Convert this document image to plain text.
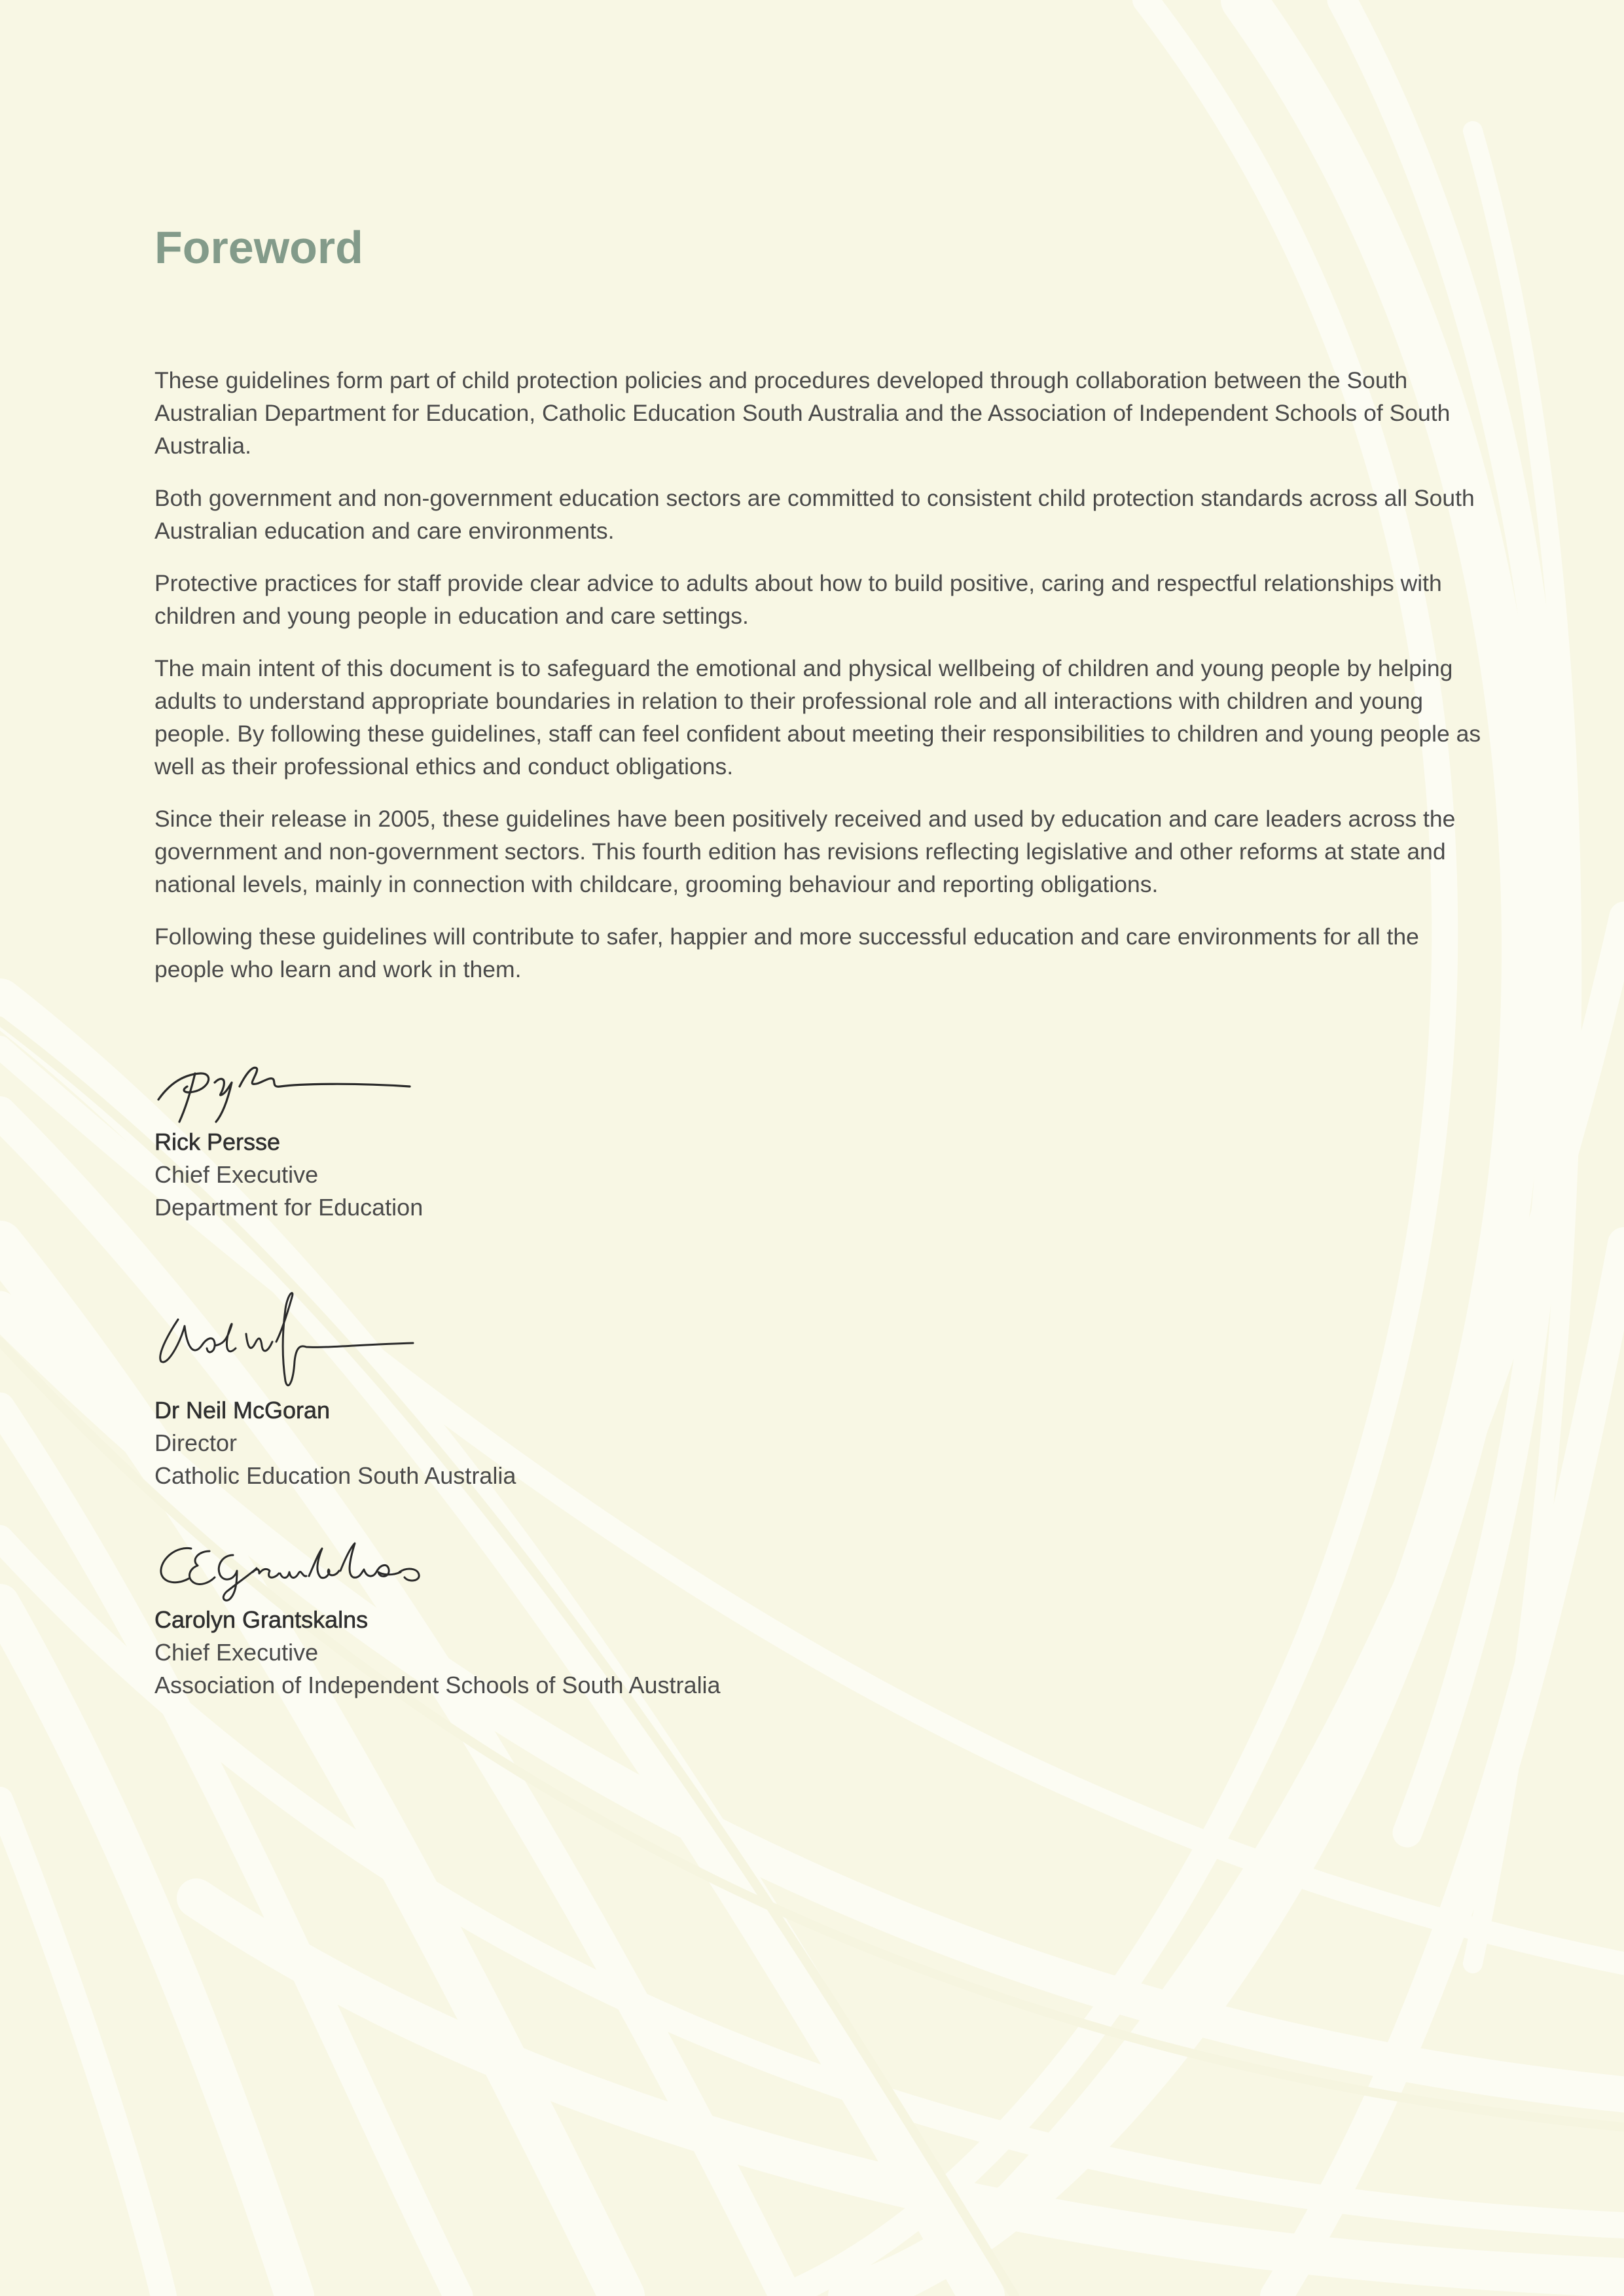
Foreword

These guidelines form part of child protection policies and procedures developed through collaboration between the South Australian Department for Education, Catholic Education South Australia and the Association of Independent Schools of South Australia.

Both government and non-government education sectors are committed to consistent child protection standards across all South Australian education and care environments.

Protective practices for staff provide clear advice to adults about how to build positive, caring and respectful relationships with children and young people in education and care settings.

The main intent of this document is to safeguard the emotional and physical wellbeing of children and young people by helping adults to understand appropriate boundaries in relation to their professional role and all interactions with children and young people. By following these guidelines, staff can feel confident about meeting their responsibilities to children and young people as well as their professional ethics and conduct obligations.

Since their release in 2005, these guidelines have been positively received and used by education and care leaders across the government and non-government sectors. This fourth edition has revisions reflecting legislative and other reforms at state and national levels, mainly in connection with childcare, grooming behaviour and reporting obligations.

Following these guidelines will contribute to safer, happier and more successful education and care environments for all the people who learn and work in them.

Rick Persse
Chief Executive
Department for Education
Dr Neil McGoran
Director
Catholic Education South Australia
Carolyn Grantskalns
Chief Executive
Association of Independent Schools of South Australia
